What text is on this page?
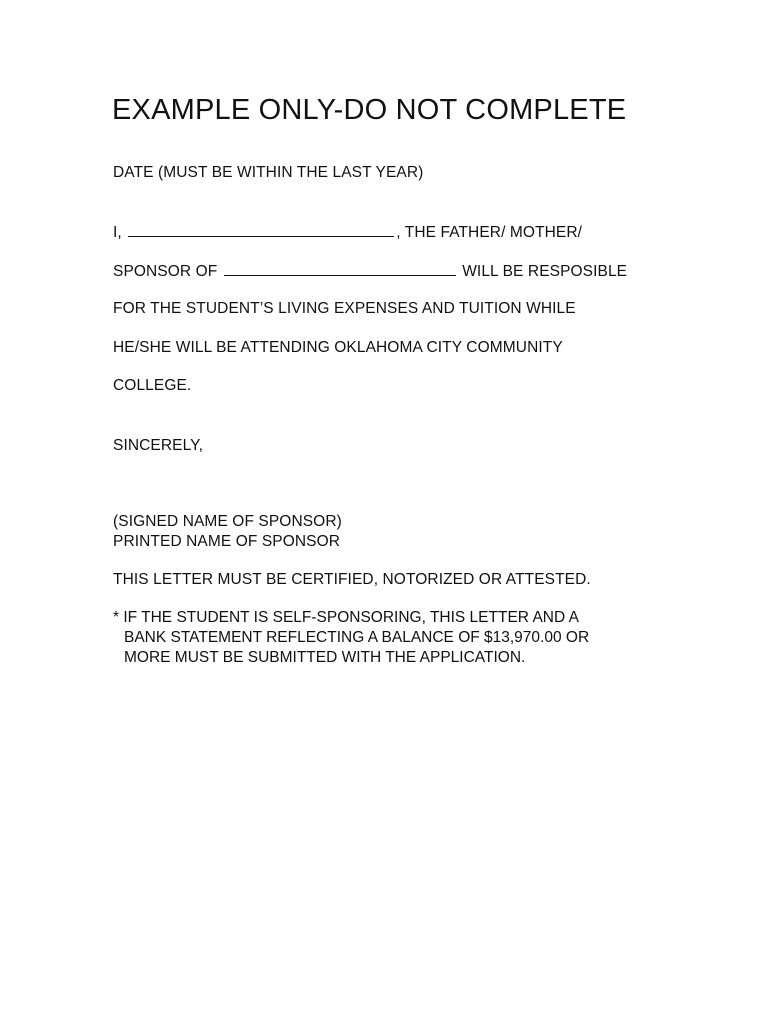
EXAMPLE ONLY-DO NOT COMPLETE
DATE (MUST BE WITHIN THE LAST YEAR)
I,	, THE FATHER/ MOTHER/
SPONSOR OF	WILL BE RESPOSIBLE
FOR THE STUDENT’S LIVING EXPENSES AND TUITION WHILE
HE/SHE WILL BE ATTENDING OKLAHOMA CITY COMMUNITY
COLLEGE.
SINCERELY,
(SIGNED NAME OF SPONSOR)
PRINTED NAME OF SPONSOR
THIS LETTER MUST BE CERTIFIED, NOTORIZED OR ATTESTED.
* IF THE STUDENT IS SELF-SPONSORING, THIS LETTER AND A
BANK STATEMENT REFLECTING A BALANCE OF $13,970.00 OR
MORE MUST BE SUBMITTED WITH THE APPLICATION.
